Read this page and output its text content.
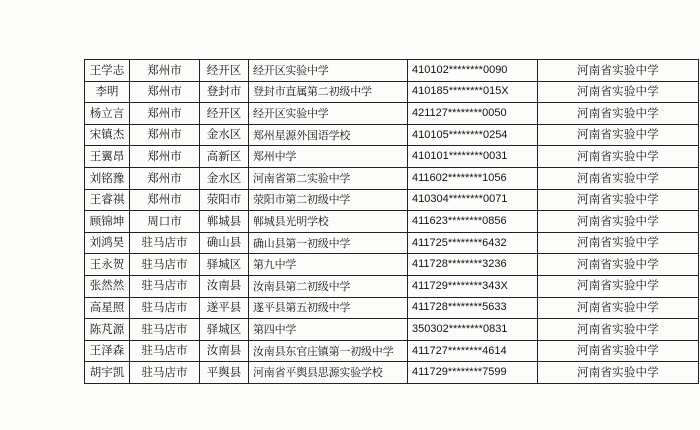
王学志	郑州市	经开区	经开区实验中学	410102********0090	河南省实验中学
李明	郑州市	登封市	登封市直属第二初级中学	410185********015X	河南省实验中学
杨立言	郑州市	经开区	经开区实验中学	421127********0050	河南省实验中学
宋镇杰	郑州市	金水区	郑州星源外国语学校	410105********0254	河南省实验中学
王翼昂	郑州市	高新区	郑州中学	410101********0031	河南省实验中学
刘铭豫	郑州市	金水区	河南省第二实验中学	411602********1056	河南省实验中学
王睿祺	郑州市	荥阳市	荥阳市第二初级中学	410304********0071	河南省实验中学
顾锦坤	周口市	郸城县	郸城县光明学校	411623********0856	河南省实验中学
刘鸿昊	驻马店市	确山县	确山县第一初级中学	411725********6432	河南省实验中学
王永贺	驻马店市	驿城区	第九中学	411728********3236	河南省实验中学
张然然	驻马店市	汝南县	汝南县第二初级中学	411729********343X	河南省实验中学
高星照	驻马店市	遂平县	遂平县第五初级中学	411728********5633	河南省实验中学
陈芃源	驻马店市	驿城区	第四中学	350302********0831	河南省实验中学
王泽森	驻马店市	汝南县	汝南县东官庄镇第一初级中学	411727********4614	河南省实验中学
胡宇凯	驻马店市	平舆县	河南省平舆县思源实验学校	411729********7599	河南省实验中学
